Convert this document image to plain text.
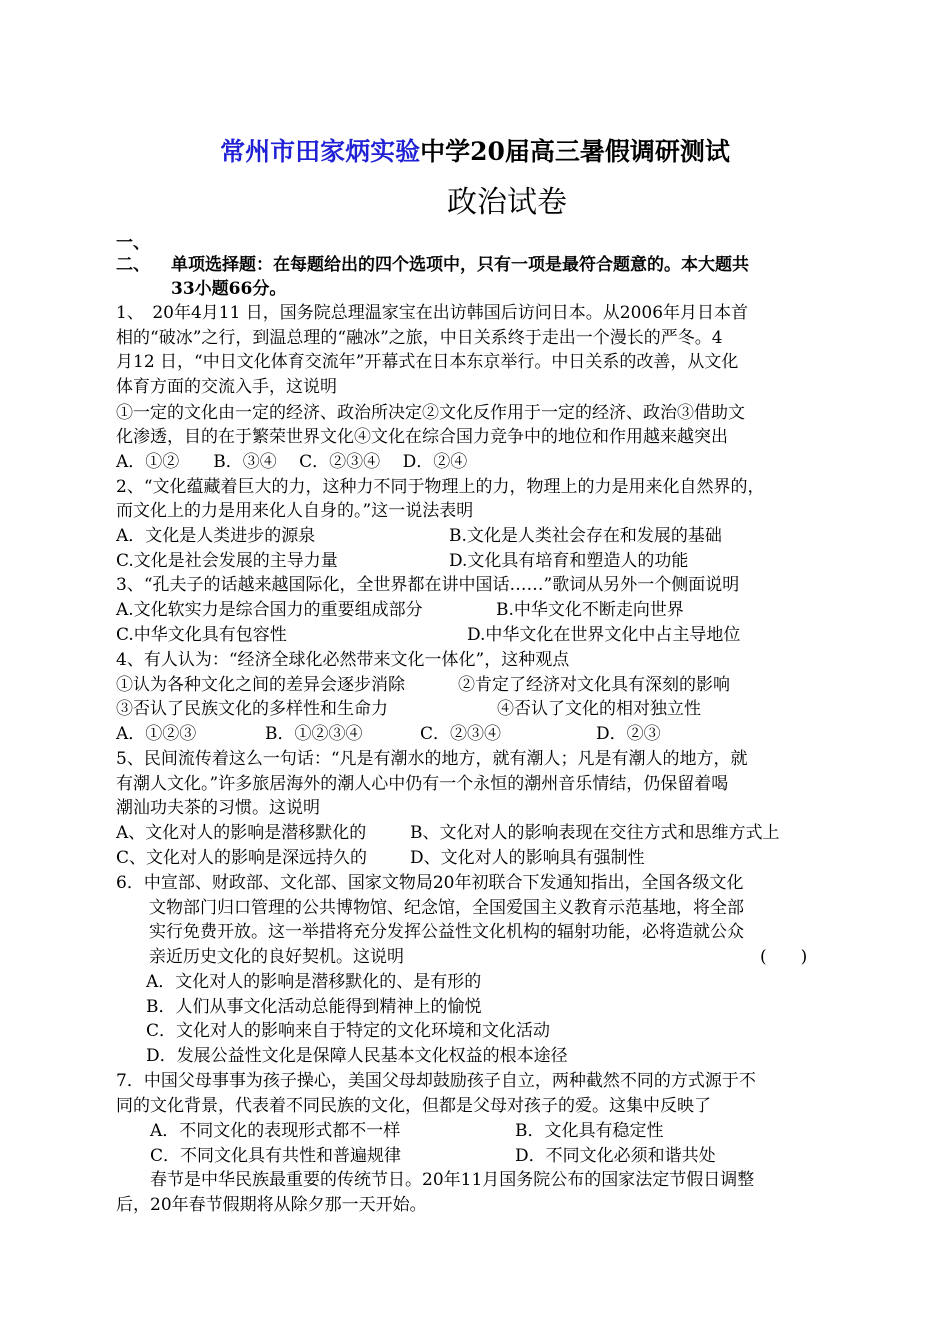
常州市田家炳实验中学20届高三暑假调研测试
政治试卷
一、
二、 单项选择题：在每题给出的四个选项中，只有一项是最符合题意的。本大题共
33小题66分。
1、　20年4月11 日，国务院总理温家宝在出访韩国后访问日本。从2006年月日本首
相的“破冰”之行，到温总理的“融冰”之旅，中日关系终于走出一个漫长的严冬。4
月12 日，“中日文化体育交流年”开幕式在日本东京举行。中日关系的改善，从文化
体育方面的交流入手，这说明
①一定的文化由一定的经济、政治所决定②文化反作用于一定的经济、政治③借助文
化渗透，目的在于繁荣世界文化④文化在综合国力竞争中的地位和作用越来越突出
A．①②　　B．③④　 C．②③④　 D．②④
2、“文化蕴藏着巨大的力，这种力不同于物理上的力，物理上的力是用来化自然界的，
而文化上的力是用来化人自身的。”这一说法表明
A．文化是人类进步的源泉	B.文化是人类社会存在和发展的基础
C.文化是社会发展的主导力量	D.文化具有培育和塑造人的功能
3、“孔夫子的话越来越国际化，全世界都在讲中国话……”歌词从另外一个侧面说明
A.文化软实力是综合国力的重要组成部分	B.中华文化不断走向世界
C.中华文化具有包容性	D.中华文化在世界文化中占主导地位
4、有人认为：“经济全球化必然带来文化一体化”，这种观点
①认为各种文化之间的差异会逐步消除	②肯定了经济对文化具有深刻的影响
③否认了民族文化的多样性和生命力	④否认了文化的相对独立性
A．①②③	B．①②③④	C．②③④	D．②③
5、民间流传着这么一句话：“凡是有潮水的地方，就有潮人；凡是有潮人的地方，就
有潮人文化。”许多旅居海外的潮人心中仍有一个永恒的潮州音乐情结，仍保留着喝
潮汕功夫茶的习惯。这说明
A、文化对人的影响是潜移默化的	B、文化对人的影响表现在交往方式和思维方式上
C、文化对人的影响是深远持久的	D、文化对人的影响具有强制性
6．中宣部、财政部、文化部、国家文物局20年初联合下发通知指出，全国各级文化
文物部门归口管理的公共博物馆、纪念馆，全国爱国主义教育示范基地，将全部
实行免费开放。这一举措将充分发挥公益性文化机构的辐射功能，必将造就公众
亲近历史文化的良好契机。这说明	(　　)
A．文化对人的影响是潜移默化的、是有形的
B．人们从事文化活动总能得到精神上的愉悦
C．文化对人的影响来自于特定的文化环境和文化活动
D．发展公益性文化是保障人民基本文化权益的根本途径
7．中国父母事事为孩子操心，美国父母却鼓励孩子自立，两种截然不同的方式源于不
同的文化背景，代表着不同民族的文化，但都是父母对孩子的爱。这集中反映了
A．不同文化的表现形式都不一样	B．文化具有稳定性
C．不同文化具有共性和普遍规律	D．不同文化必须和谐共处
春节是中华民族最重要的传统节日。20年11月国务院公布的国家法定节假日调整
后，20年春节假期将从除夕那一天开始。
